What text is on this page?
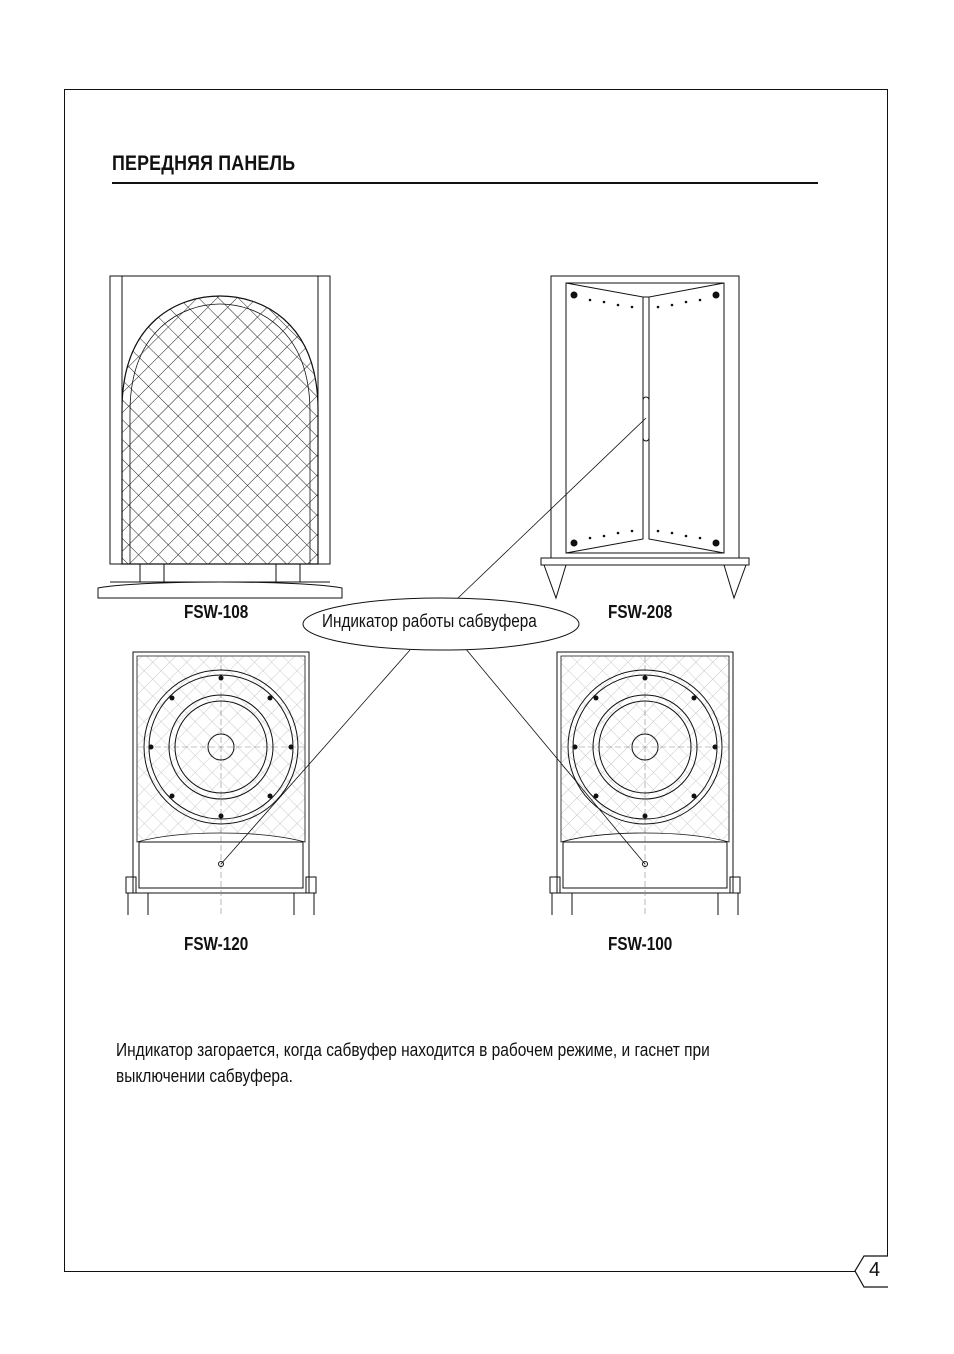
ПЕРЕДНЯЯ ПАНЕЛЬ
FSW-108	FSW-208
FSW-120	FSW-100
Индикатор работы сабвуфера
Индикатор загорается, когда сабвуфер находится в рабочем режиме, и гаснет при выключении сабвуфера.
4
